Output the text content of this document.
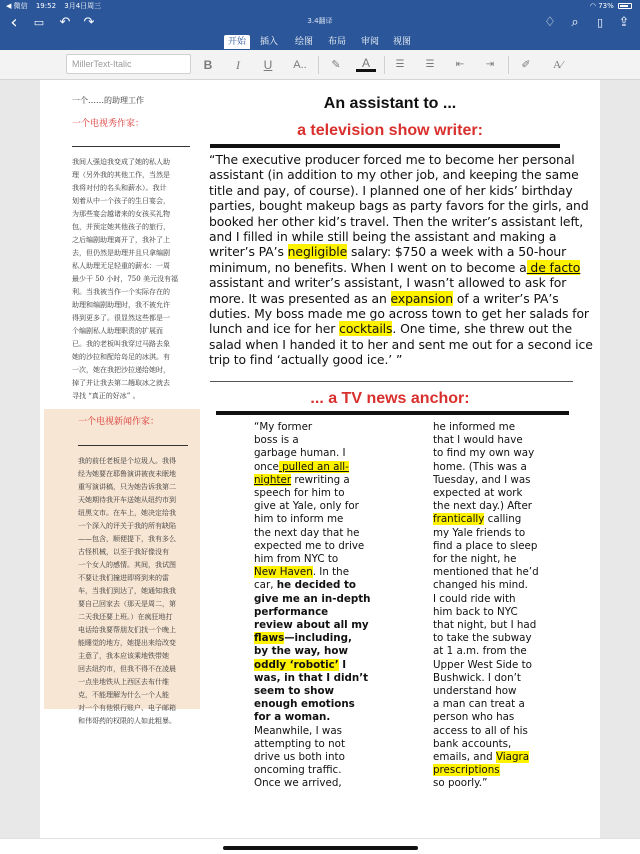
◀ 微信 19:52 3月4日周三	◠ 73%
‹	▭	↶	↷	3.4翻译	♢	⌕	▯	⇪
开始	插入	绘图	布局	审阅	视图
MillerText-Italic	B	I	U	A..	✎	A	☰	☰	⇤	⇥	✐	A⁄
一个……的助理工作
一个电视秀作家：
我间人强迫我变成了她的私人助
理（另外我的其他工作，当然是
我将对付的名头和薪水）。我计
划着从中一个孩子的生日宴会，
为那些宴会越诸来的女孩买礼物
包，并预定她其他孩子的旅行，
之后编剧助理离开了，我补了上
去，但仍然是助理并且只拿编剧
私人助理无足轻重的薪水：一周
最少干 50 小时，750 美元没有福
利。当我被当作一个实际存在的
助理和编剧助理时，我不被允许
得到更多了。很显然这些都是一
个编剧私人助理职责的扩展而
已。我的老板叫我穿过马路去象
她的沙拉和配给岛足的冰淇。有
一次，她在我把沙拉递给她时，
掉了并让我去第二趟取冰之就去
寻找 “真正的好冰” 。
一个电视新闻作家：
我的前任老板是个垃圾人。我得
经为她要在耶鲁演讲被夜未眠地
重写演讲稿，只为她告诉我第二
天她期待我开车送她从纽约市到
纽黑文市。在车上，她决定给我
一个深入的评关于我的所有缺陷
——包含，顺便提下，我有多么
古怪机械，以至于我好像没有
一个女人的感情。其间，我试图
不要让我们撞进即将到来的雷
车，当我们到达了，她通知我我
要自己回家去（那天是周二，第
二天我还要上班。）在疯狂地打
电话给我要帮朋友们找一个晚上
能睡觉的地方，她提出来给改变
主意了，我本应该乘地铁带她
回去纽约市，但我不得不在凌晨
一点坐地铁从上西区去布什维
克，不能理解为什么一个人能
对一个有他银行账户、电子邮箱
和伟哥药的权限的人如此粗暴。
An assistant to ...
a television show writer:
“The executive producer forced me to become her personal
assistant (in addition to my other job, and keeping the same
title and pay, of course). I planned one of her kids’ birthday
parties, bought makeup bags as party favors for the girls, and
booked her other kid’s travel. Then the writer’s assistant left,
and I filled in while still being the assistant and making a
writer’s PA’s negligible salary: $750 a week with a 50-hour
minimum, no benefits. When I went on to become a de facto
assistant and writer’s assistant, I wasn’t allowed to ask for
more. It was presented as an expansion of a writer’s PA’s
duties. My boss made me go across town to get her salads for
lunch and ice for her cocktails. One time, she threw out the
salad when I handed it to her and sent me out for a second ice
trip to find ‘actually good ice.’ ”
... a TV news anchor:
“My former
boss is a
garbage human. I
once pulled an all-
nighter rewriting a
speech for him to
give at Yale, only for
him to inform me
the next day that he
expected me to drive
him from NYC to
New Haven. In the
car, he decided to
give me an in-depth
performance
review about all my
flaws—including,
by the way, how
oddly ‘robotic’ I
was, in that I didn’t
seem to show
enough emotions
for a woman.
Meanwhile, I was
attempting to not
drive us both into
oncoming traffic.
Once we arrived,
he informed me
that I would have
to find my own way
home. (This was a
Tuesday, and I was
expected at work
the next day.) After
frantically calling
my Yale friends to
find a place to sleep
for the night, he
mentioned that he’d
changed his mind.
I could ride with
him back to NYC
that night, but I had
to take the subway
at 1 a.m. from the
Upper West Side to
Bushwick. I don’t
understand how
a man can treat a
person who has
access to all of his
bank accounts,
emails, and Viagra
prescriptions
so poorly.”
